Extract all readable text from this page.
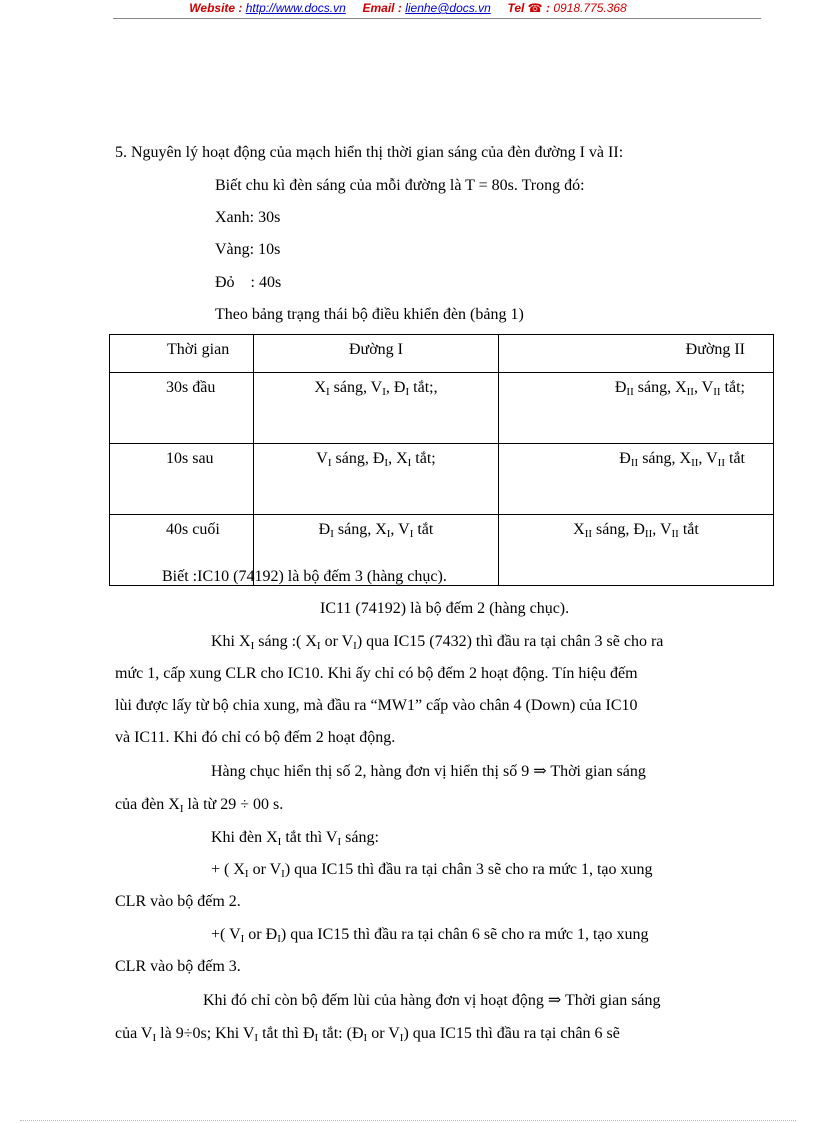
Website : http://www.docs.vn Email : lienhe@docs.vn Tel ☎ : 0918.775.368
5. Nguyên lý hoạt động của mạch hiển thị thời gian sáng của đèn đường I và II:
Biết chu kì đèn sáng của mỗi đường là T = 80s. Trong đó:
Xanh: 30s
Vàng: 10s
Đỏ    : 40s
Theo bảng trạng thái bộ điều khiển đèn (bảng 1)
Thời gian	Đường I	Đường II
30s đầu	$X_I$ sáng, $V_I$, $Đ_I$ tắt;,	$Đ_{II}$ sáng, $X_{II}$, $V_{II}$ tắt;
10s sau	$V_I$ sáng, $Đ_I$, $X_I$ tắt;	$Đ_{II}$ sáng, $X_{II}$, $V_{II}$ tắt
40s cuối	$Đ_I$ sáng, $X_I$, $V_I$ tắt	$X_{II}$ sáng, $Đ_{II}$, $V_{II}$ tắt
Biết :IC10 (74192) là bộ đếm 3 (hàng chục).
IC11 (74192) là bộ đếm 2 (hàng chục).
Khi $X_I$ sáng :( $X_I$ or $V_I$) qua IC15 (7432) thì đầu ra tại chân 3 sẽ cho ra
mức 1, cấp xung CLR cho IC10. Khi ấy chỉ có bộ đếm 2 hoạt động. Tín hiệu đếm
lùi được lấy từ bộ chia xung, mà đầu ra “MW1” cấp vào chân 4 (Down) của IC10
và IC11. Khi đó chỉ có bộ đếm 2 hoạt động.
Hàng chục hiển thị số 2, hàng đơn vị hiển thị số 9 ⇒ Thời gian sáng
của đèn $X_I$ là từ 29 ÷ 00 s.
Khi đèn $X_I$ tắt thì $V_I$ sáng:
+ ( $X_I$ or $V_I$) qua IC15 thì đầu ra tại chân 3 sẽ cho ra mức 1, tạo xung
CLR vào bộ đếm 2.
+( $V_I$ or $Đ_I$) qua IC15 thì đầu ra tại chân 6 sẽ cho ra mức 1, tạo xung
CLR vào bộ đếm 3.
Khi đó chỉ còn bộ đếm lùi của hàng đơn vị hoạt động ⇒ Thời gian sáng
của $V_I$ là 9÷0s; Khi $V_I$ tắt thì $Đ_I$ tắt: ($Đ_I$ or $V_I$) qua IC15 thì đầu ra tại chân 6 sẽ
